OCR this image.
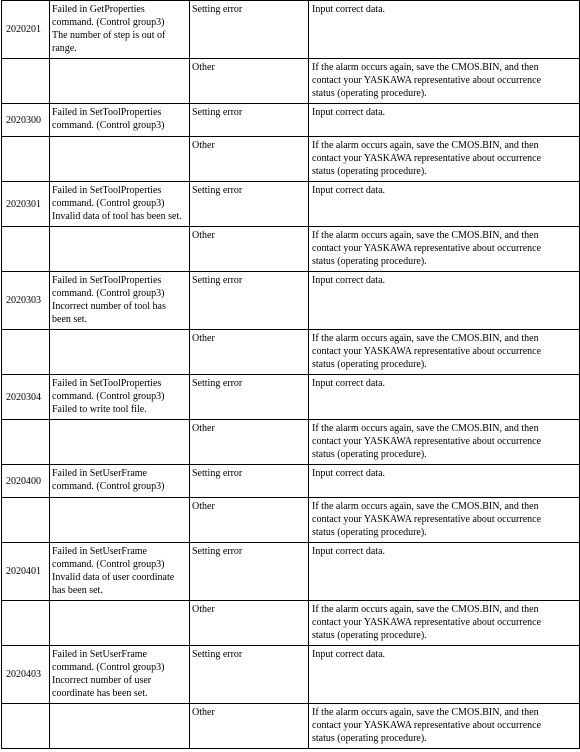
2020201	Failed in GetProperties
command. (Control group3)
The number of step is out of
range.	Setting error	Input correct data.

		Other	If the alarm occurs again, save the CMOS.BIN, and then
contact your YASKAWA representative about occurrence
status (operating procedure).

2020300	Failed in SetToolProperties
command. (Control group3)	Setting error	Input correct data.

		Other	If the alarm occurs again, save the CMOS.BIN, and then
contact your YASKAWA representative about occurrence
status (operating procedure).

2020301	Failed in SetToolProperties
command. (Control group3)
Invalid data of tool has been set.	Setting error	Input correct data.

		Other	If the alarm occurs again, save the CMOS.BIN, and then
contact your YASKAWA representative about occurrence
status (operating procedure).

2020303	Failed in SetToolProperties
command. (Control group3)
Incorrect number of tool has
been set.	Setting error	Input correct data.

		Other	If the alarm occurs again, save the CMOS.BIN, and then
contact your YASKAWA representative about occurrence
status (operating procedure).

2020304	Failed in SetToolProperties
command. (Control group3)
Failed to write tool file.	Setting error	Input correct data.

		Other	If the alarm occurs again, save the CMOS.BIN, and then
contact your YASKAWA representative about occurrence
status (operating procedure).

2020400	Failed in SetUserFrame
command. (Control group3)	Setting error	Input correct data.

		Other	If the alarm occurs again, save the CMOS.BIN, and then
contact your YASKAWA representative about occurrence
status (operating procedure).

2020401	Failed in SetUserFrame
command. (Control group3)
Invalid data of user coordinate
has been set.	Setting error	Input correct data.

		Other	If the alarm occurs again, save the CMOS.BIN, and then
contact your YASKAWA representative about occurrence
status (operating procedure).

2020403	Failed in SetUserFrame
command. (Control group3)
Incorrect number of user
coordinate has been set.	Setting error	Input correct data.

		Other	If the alarm occurs again, save the CMOS.BIN, and then
contact your YASKAWA representative about occurrence
status (operating procedure).
